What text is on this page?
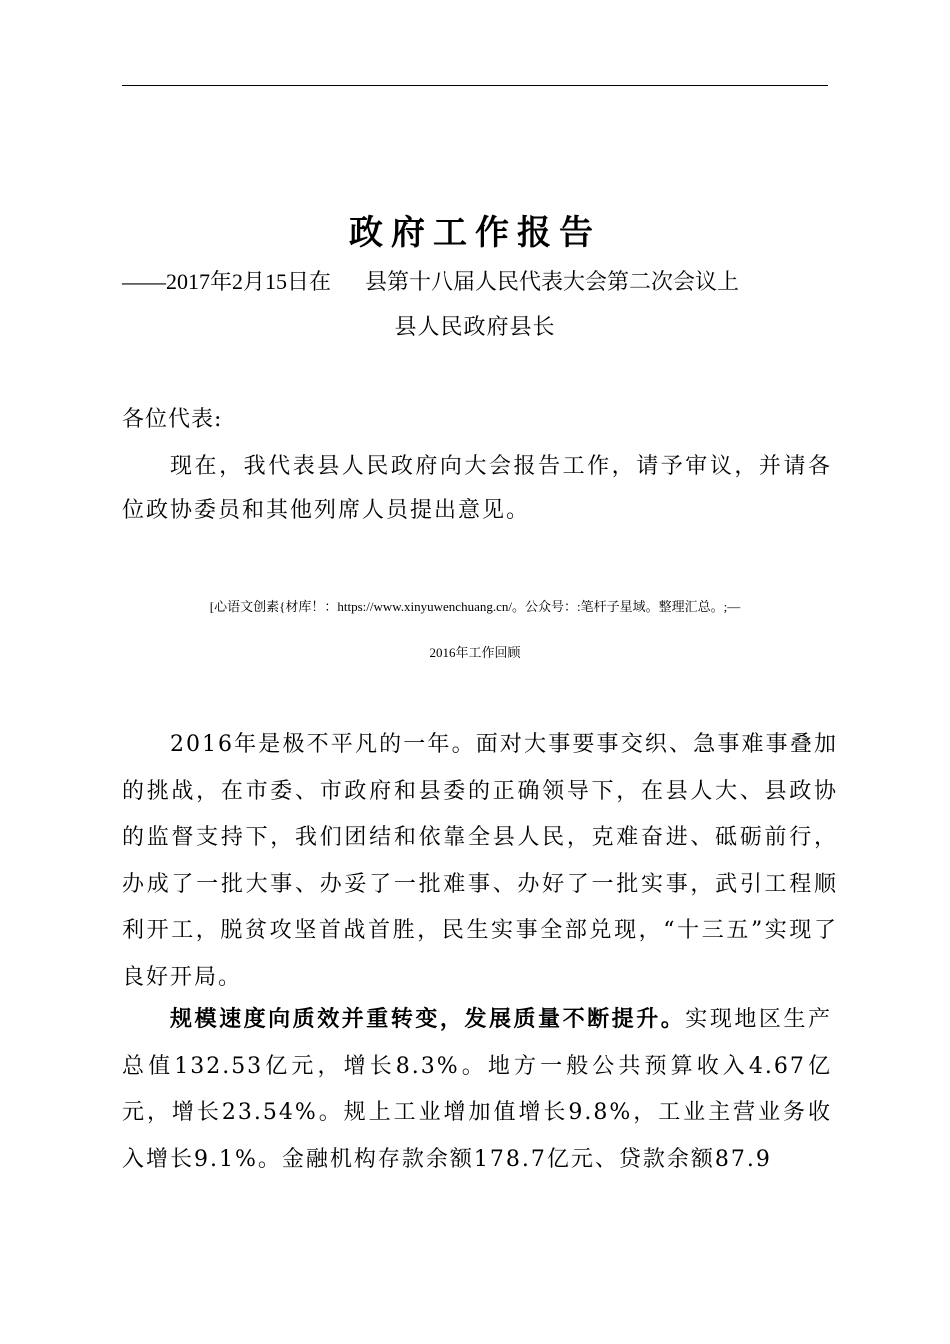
政府工作报告
——2017年2月15日在 县第十八届人民代表大会第二次会议上
县人民政府县长
各位代表:
现在，我代表县人民政府向大会报告工作，请予审议，并请各位政协委员和其他列席人员提出意见。
[心语文创素{材库！：https://www.xinyuwenchuang.cn/。公众号：:笔杆子星域。整理汇总。;—
2016年工作回顾
2016年是极不平凡的一年。面对大事要事交织、急事难事叠加的挑战，在市委、市政府和县委的正确领导下，在县人大、县政协的监督支持下，我们团结和依靠全县人民，克难奋进、砥砺前行，办成了一批大事、办妥了一批难事、办好了一批实事，武引工程顺利开工，脱贫攻坚首战首胜，民生实事全部兑现，“十三五”实现了良好开局。
规模速度向质效并重转变，发展质量不断提升。实现地区生产总值132.53亿元，增长8.3%。地方一般公共预算收入4.67亿元，增长23.54%。规上工业增加值增长9.8%，工业主营业务收入增长9.1%。金融机构存款余额178.7亿元、贷款余额87.9
